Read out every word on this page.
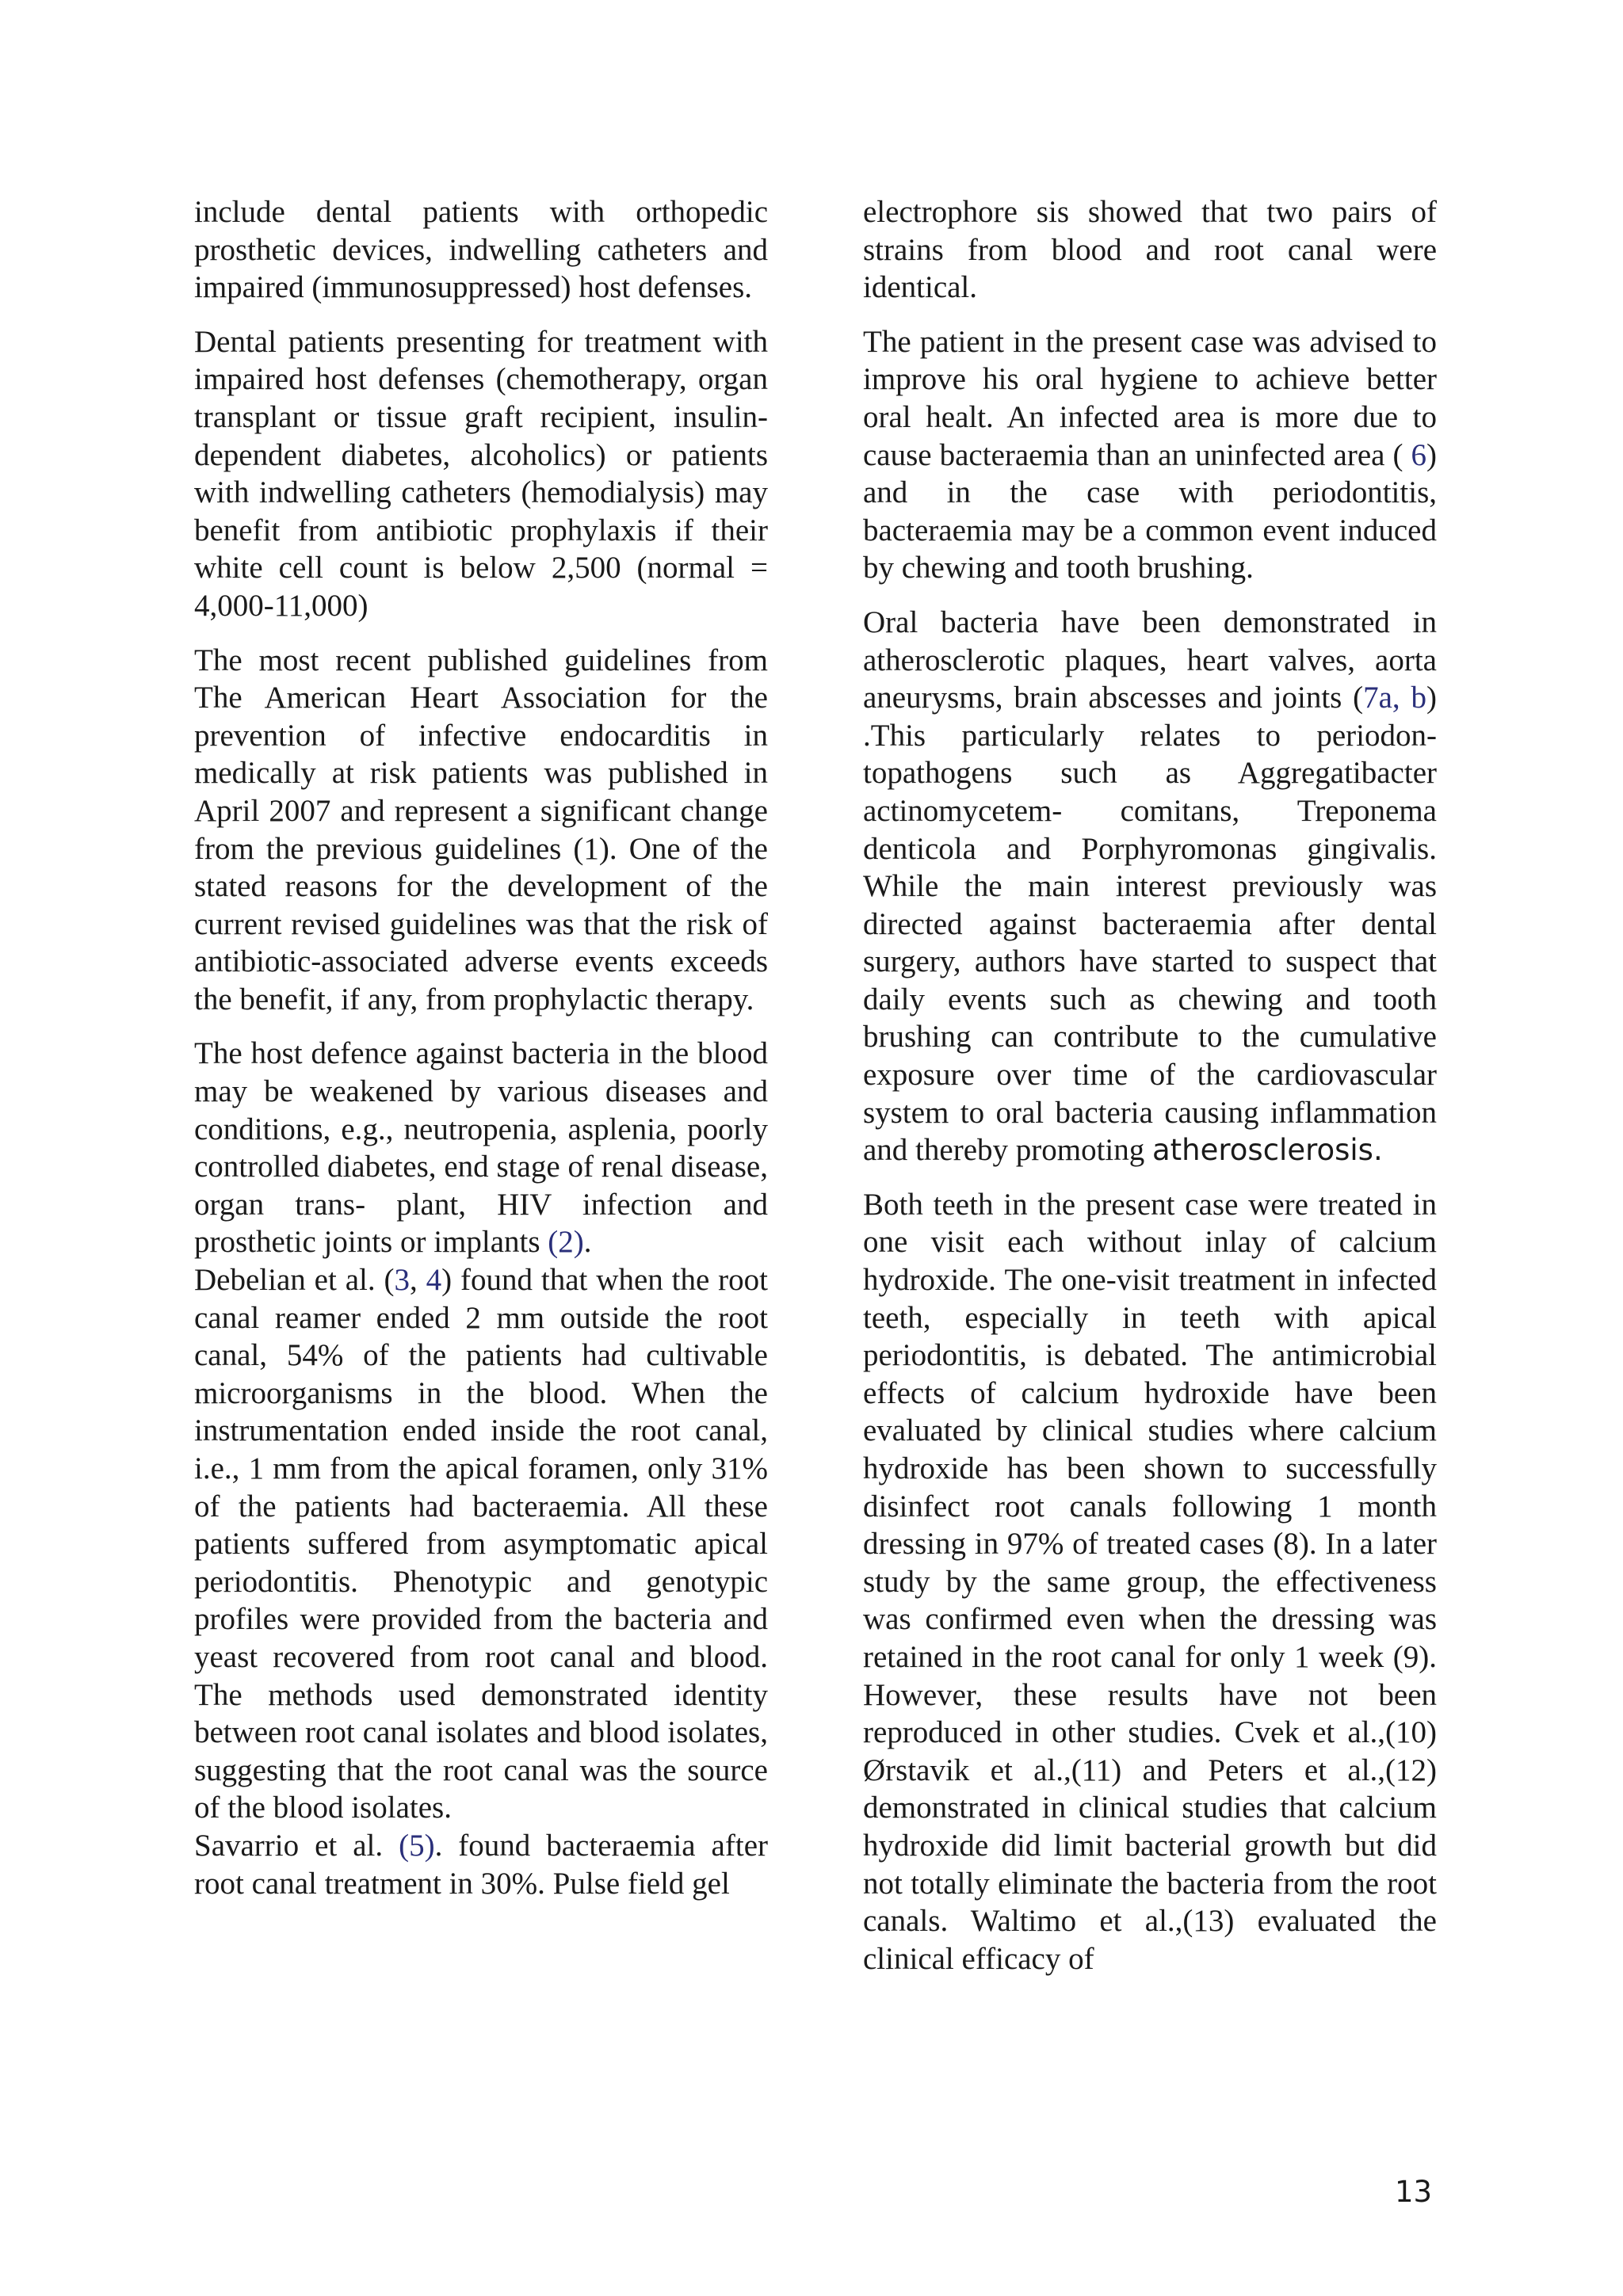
include dental patients with orthopedic prosthetic devices, indwelling catheters and impaired (immunosuppressed) host defenses.

Dental patients presenting for treatment with impaired host defenses (chemotherapy, organ transplant or tissue graft recipient, insulin-dependent diabetes, alcoholics) or patients with indwelling catheters (hemodialysis) may benefit from antibiotic prophylaxis if their white cell count is below 2,500 (normal = 4,000-11,000)

The most recent published guidelines from The American Heart Association for the prevention of infective endocarditis in medically at risk patients was published in April 2007 and represent a significant change from the previous guidelines (1). One of the stated reasons for the development of the current revised guidelines was that the risk of antibiotic-associated adverse events exceeds the benefit, if any, from prophylactic therapy.

The host defence against bacteria in the blood may be weakened by various diseases and conditions, e.g., neutropenia, asplenia, poorly controlled diabetes, end stage of renal disease, organ trans- plant, HIV infection and prosthetic joints or implants (2).

Debelian et al. (3, 4) found that when the root canal reamer ended 2 mm outside the root canal, 54% of the patients had cultivable microorganisms in the blood. When the instrumentation ended inside the root canal, i.e., 1 mm from the apical foramen, only 31% of the patients had bacteraemia. All these patients suffered from asymptomatic apical periodontitis. Phenotypic and genotypic profiles were provided from the bacteria and yeast recovered from root canal and blood. The methods used demonstrated identity between root canal isolates and blood isolates, suggesting that the root canal was the source of the blood isolates.

Savarrio et al. (5). found bacteraemia after root canal treatment in 30%. Pulse field gel

electrophore sis showed that two pairs of strains from blood and root canal were identical.

The patient in the present case was advised to improve his oral hygiene to achieve better oral healt. An infected area is more due to cause bacteraemia than an uninfected area ( 6) and in the case with periodontitis, bacteraemia may be a common event induced by chewing and tooth brushing.

Oral bacteria have been demonstrated in atherosclerotic plaques, heart valves, aorta aneurysms, brain abscesses and joints (7a, b) .This particularly relates to periodon-topathogens such as Aggregatibacter actinomycetem- comitans, Treponema denticola and Porphyromonas gingivalis. While the main interest previously was directed against bacteraemia after dental surgery, authors have started to suspect that daily events such as chewing and tooth brushing can contribute to the cumulative exposure over time of the cardiovascular system to oral bacteria causing inflammation and thereby promoting atherosclerosis.

Both teeth in the present case were treated in one visit each without inlay of calcium hydroxide. The one-visit treatment in infected teeth, especially in teeth with apical periodontitis, is debated. The antimicrobial effects of calcium hydroxide have been evaluated by clinical studies where calcium hydroxide has been shown to successfully disinfect root canals following 1 month dressing in 97% of treated cases (8). In a later study by the same group, the effectiveness was confirmed even when the dressing was retained in the root canal for only 1 week (9). However, these results have not been reproduced in other studies. Cvek et al.,(10) Ørstavik et al.,(11) and Peters et al.,(12) demonstrated in clinical studies that calcium hydroxide did limit bacterial growth but did not totally eliminate the bacteria from the root canals. Waltimo et al.,(13) evaluated the clinical efficacy of

13
